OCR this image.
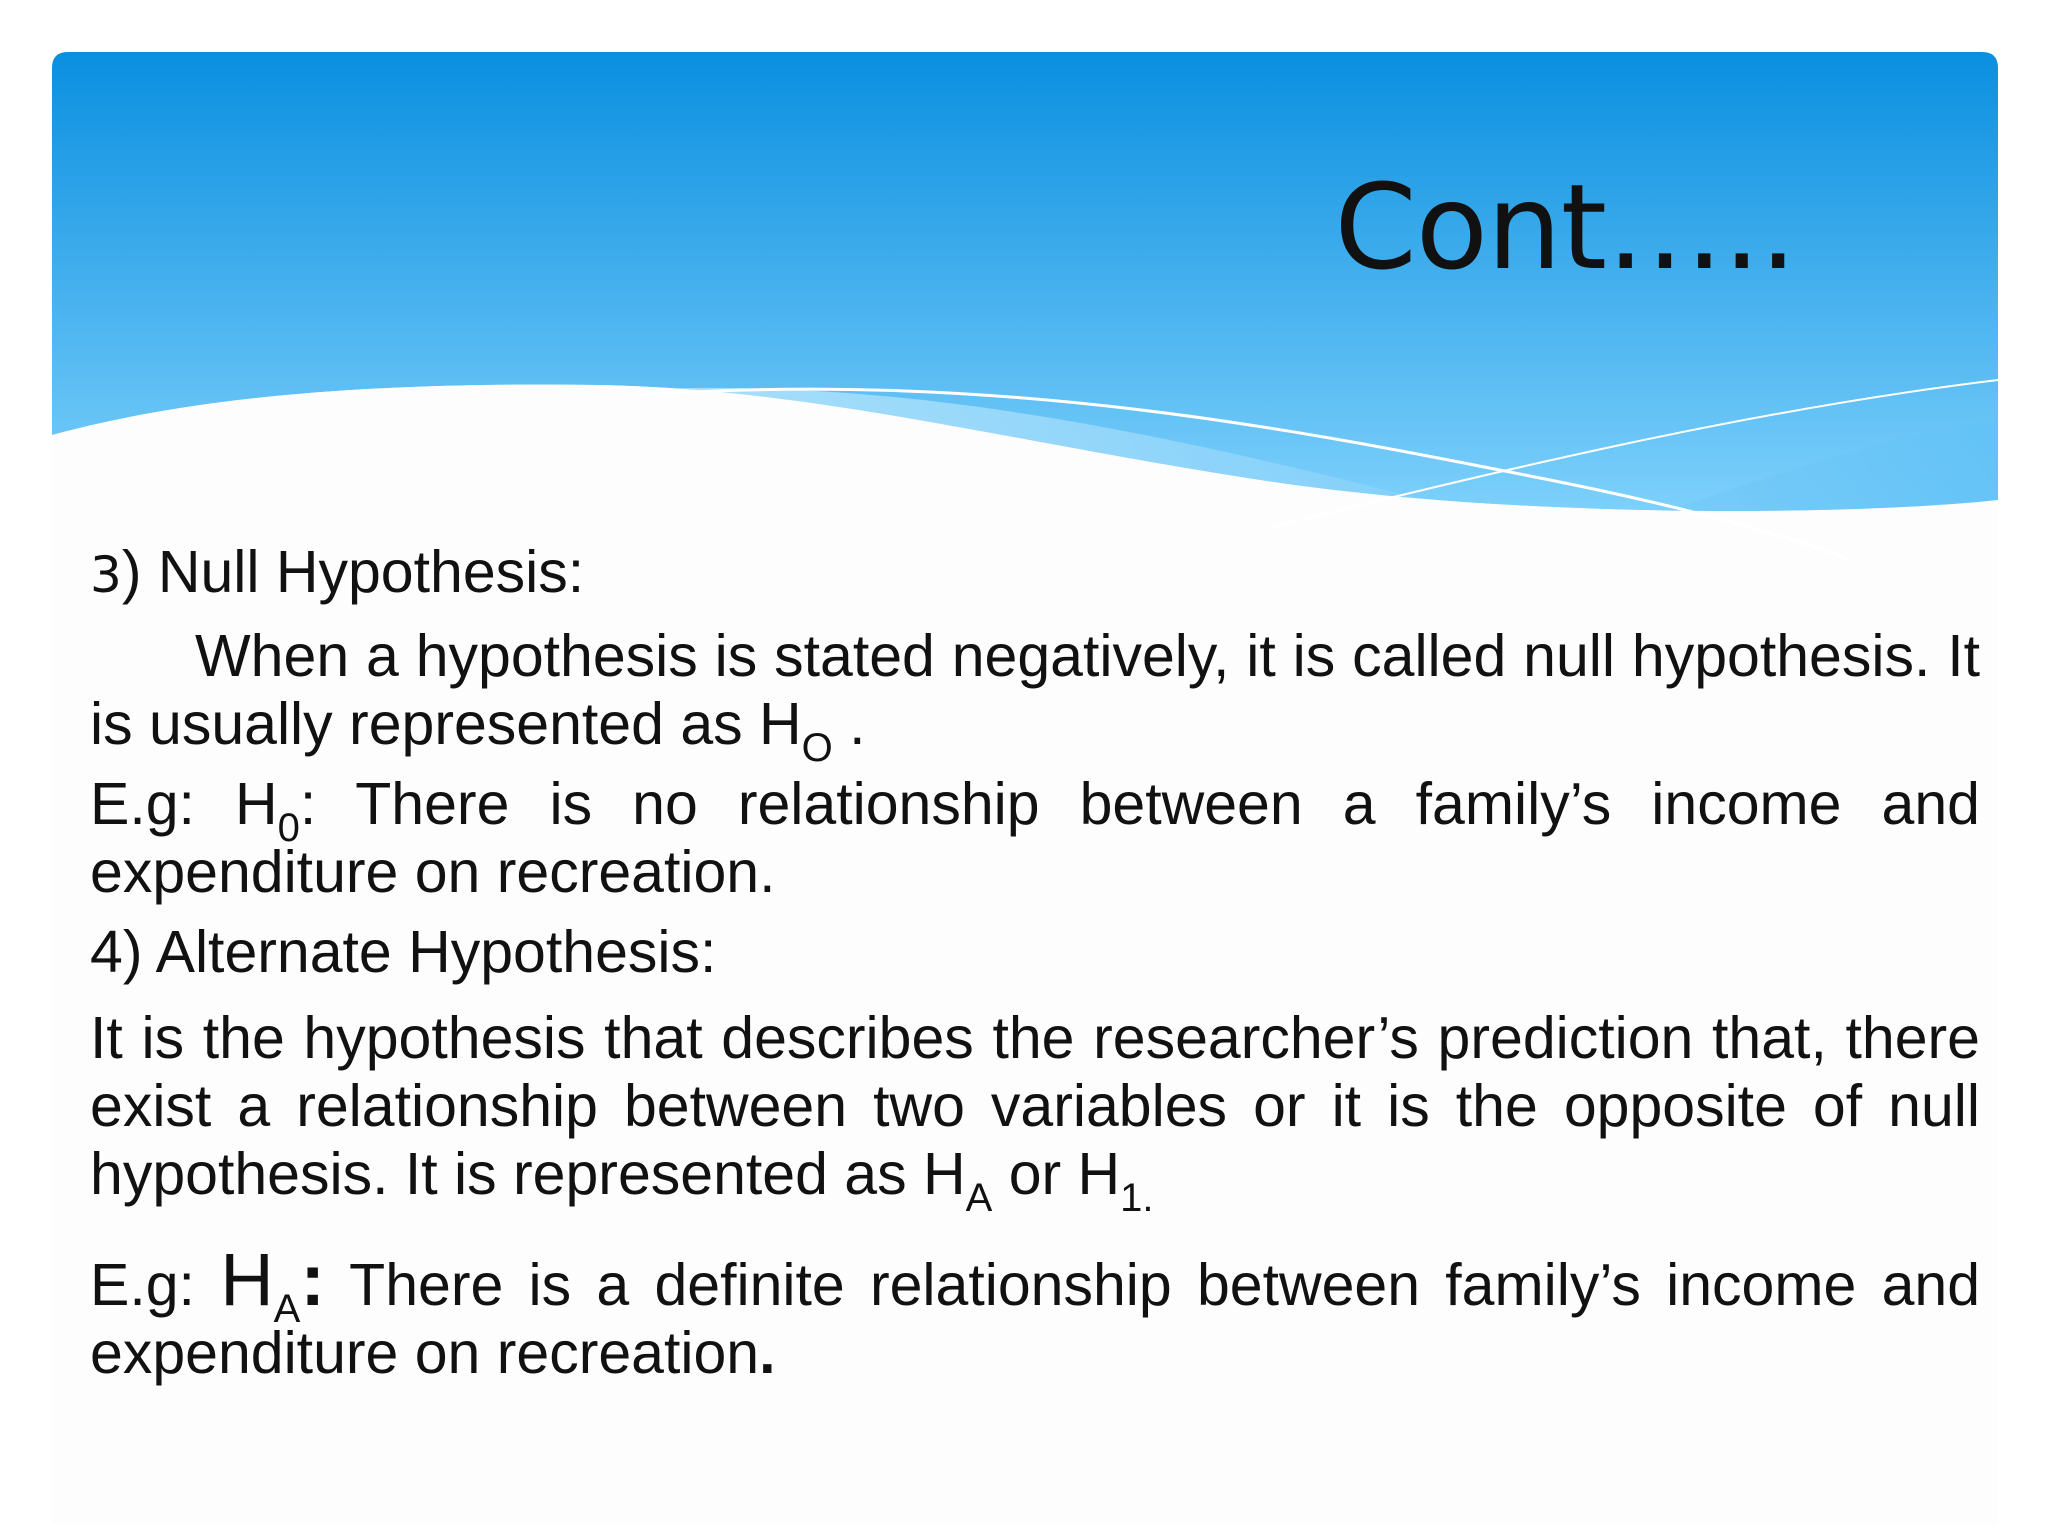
Cont…..

3) Null Hypothesis:

When a hypothesis is stated negatively, it is called null hypothesis. It is usually represented as $H_O$ .

E.g: $H_0$: There is no relationship between a family’s income and expenditure on recreation.

4) Alternate Hypothesis:

It is the hypothesis that describes the researcher’s prediction that, there exist a relationship between two variables or it is the opposite of null hypothesis. It is represented as $H_A$ or $H_{1.}$

E.g: $H_A$: There is a definite relationship between family’s income and expenditure on recreation.
